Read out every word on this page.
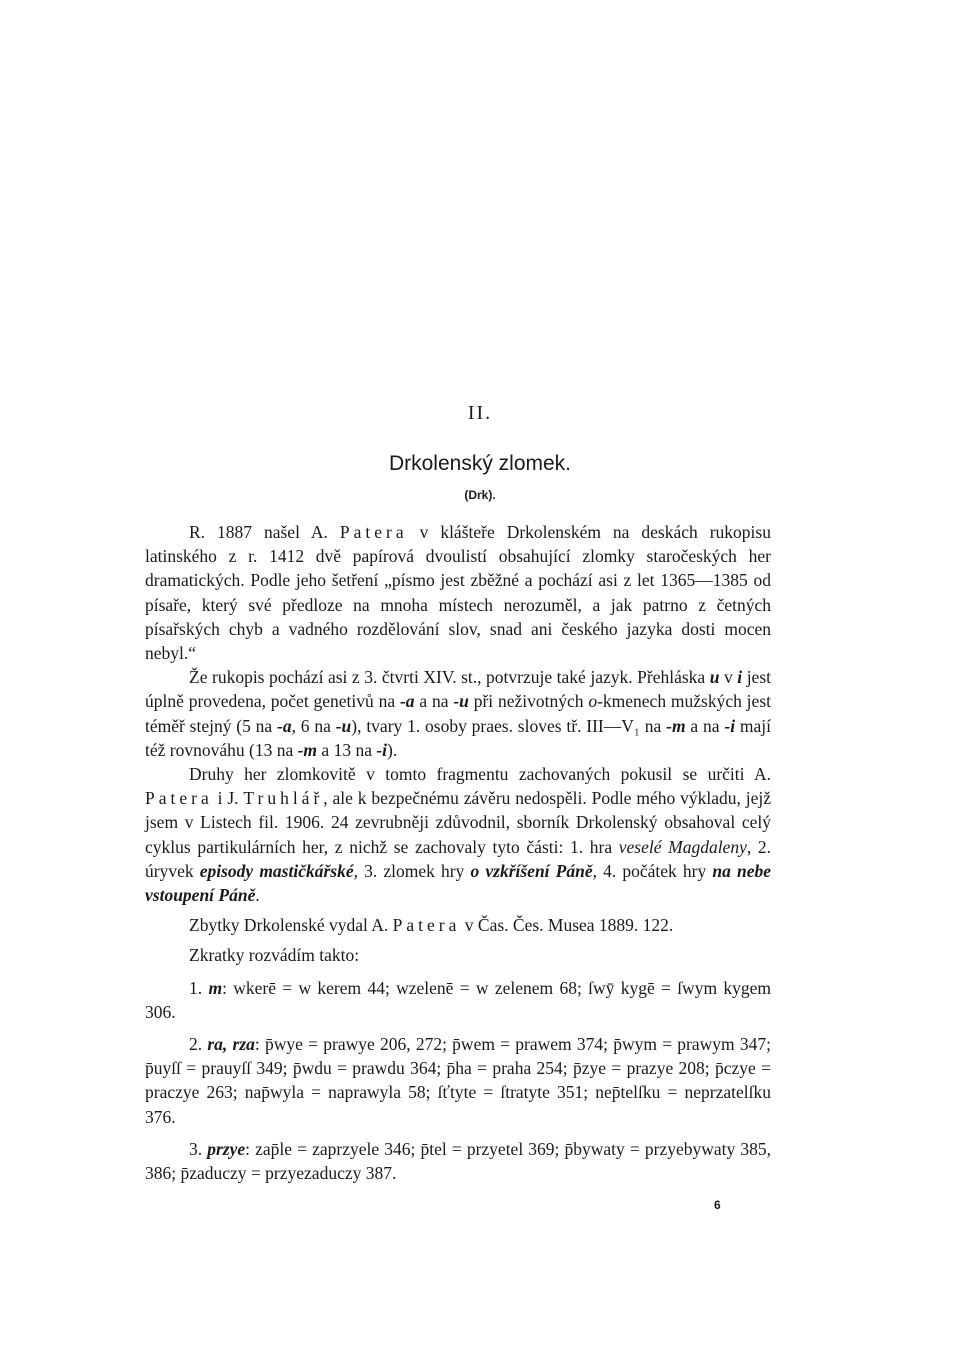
II.
Drkolenský zlomek.
(Drk).

R. 1887 našel A. Patera v klášteře Drkolenském na deskách rukopisu latinského z r. 1412 dvě papírová dvoulistí obsahující zlomky staročeských her dramatických. Podle jeho šetření „písmo jest zběžné a pochází asi z let 1365—1385 od písaře, který své předloze na mnoha místech nerozuměl, a jak patrno z četných písařských chyb a vadného rozdělování slov, snad ani českého jazyka dosti mocen nebyl.“

Že rukopis pochází asi z 3. čtvrti XIV. st., potvrzuje také jazyk. Přehláska u v i jest úplně provedena, počet genetivů na -a a na -u při neživotných o-kmenech mužských jest téměř stejný (5 na -a, 6 na -u), tvary 1. osoby praes. sloves tř. III—V₁ na -m a na -i mají též rovnováhu (13 na -m a 13 na -i).

Druhy her zlomkovitě v tomto fragmentu zachovaných pokusil se určiti A. Patera i J. Truhlář, ale k bezpečnému závěru nedospěli. Podle mého výkladu, jejž jsem v Listech fil. 1906. 24 zevrubněji zdůvodnil, sborník Drkolenský obsahoval celý cyklus partikulárních her, z nichž se zachovaly tyto části: 1. hra veselé Magdaleny, 2. úryvek episody mastičkářské, 3. zlomek hry o vzkříšení Páně, 4. počátek hry na nebe vstoupení Páně.

Zbytky Drkolenské vydal A. Patera v Čas. Čes. Musea 1889. 122.

Zkratky rozvádím takto:

1. m: wkerē = w kerem 44; wzelenē = w zelenem 68; ſwȳ kygē = ſwym kygem 306.

2. ra, rza: p̄wye = prawye 206, 272; p̄wem = prawem 374; p̄wym = prawym 347; p̄uyſſ = prauyſſ 349; p̄wdu = prawdu 364; p̄ha = praha 254; p̄zye = prazye 208; p̄czye = praczye 263; nap̄wyla = naprawyla 58; ſťtyte = ſtratyte 351; nep̄telſku = neprzatelſku 376.

3. przye: zap̄le = zaprzyele 346; p̄tel = przyetel 369; p̄bywaty = przyebywaty 385, 386; p̄zaduczy = przyezaduczy 387.

6
